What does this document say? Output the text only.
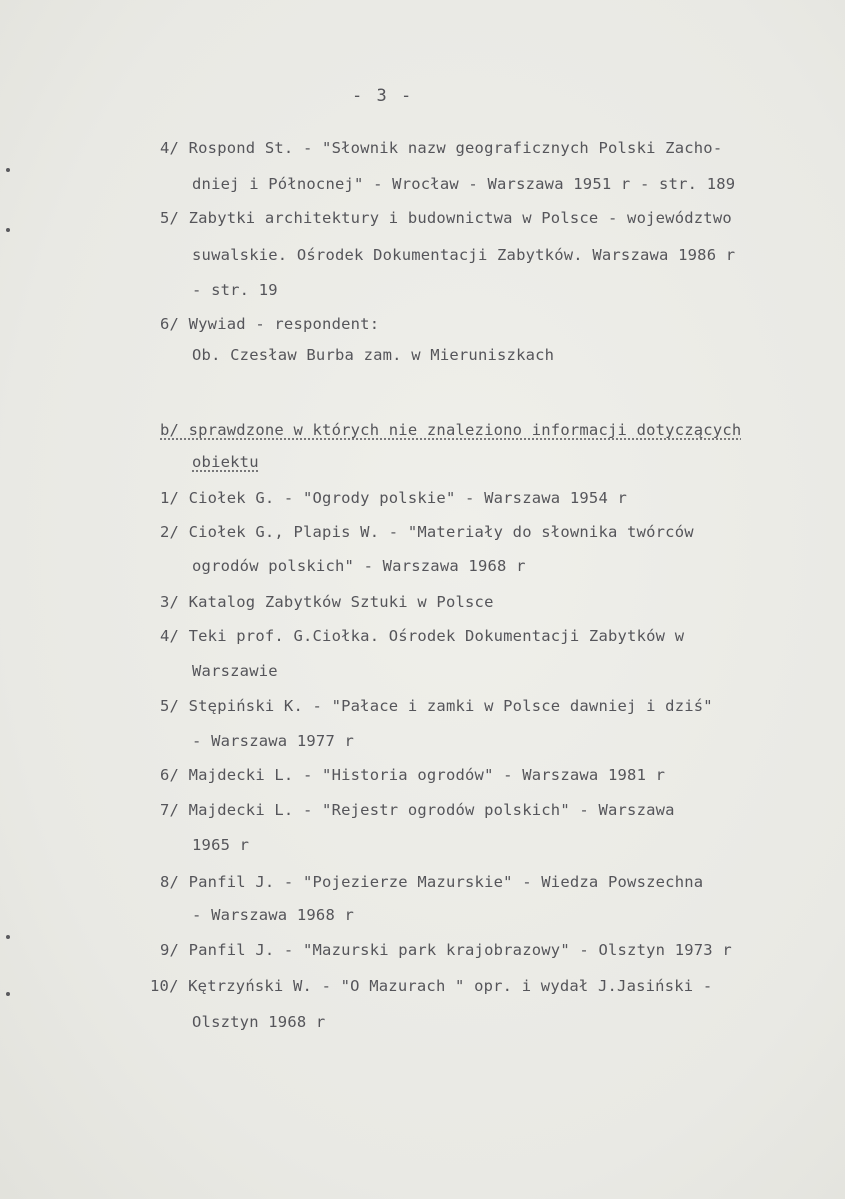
- 3 -
4/ Rospond St. - "Słownik nazw geograficznych Polski Zacho-
dniej i Północnej" - Wrocław - Warszawa 1951 r - str. 189
5/ Zabytki architektury i budownictwa w Polsce - województwo
suwalskie. Ośrodek Dokumentacji Zabytków. Warszawa 1986 r
- str. 19
6/ Wywiad - respondent:
Ob. Czesław Burba zam. w Mieruniszkach
b/ sprawdzone w których nie znaleziono informacji dotyczących
obiektu
1/ Ciołek G. - "Ogrody polskie" - Warszawa 1954 r
2/ Ciołek G., Plapis W. - "Materiały do słownika twórców
ogrodów polskich" - Warszawa 1968 r
3/ Katalog Zabytków Sztuki w Polsce
4/ Teki prof. G.Ciołka. Ośrodek Dokumentacji Zabytków w
Warszawie
5/ Stępiński K. - "Pałace i zamki w Polsce dawniej i dziś"
- Warszawa 1977 r
6/ Majdecki L. - "Historia ogrodów" - Warszawa 1981 r
7/ Majdecki L. - "Rejestr ogrodów polskich" - Warszawa
1965 r
8/ Panfil J. - "Pojezierze Mazurskie" - Wiedza Powszechna
- Warszawa 1968 r
9/ Panfil J. - "Mazurski park krajobrazowy" - Olsztyn 1973 r
10/ Kętrzyński W. - "O Mazurach " opr. i wydał J.Jasiński -
Olsztyn 1968 r
